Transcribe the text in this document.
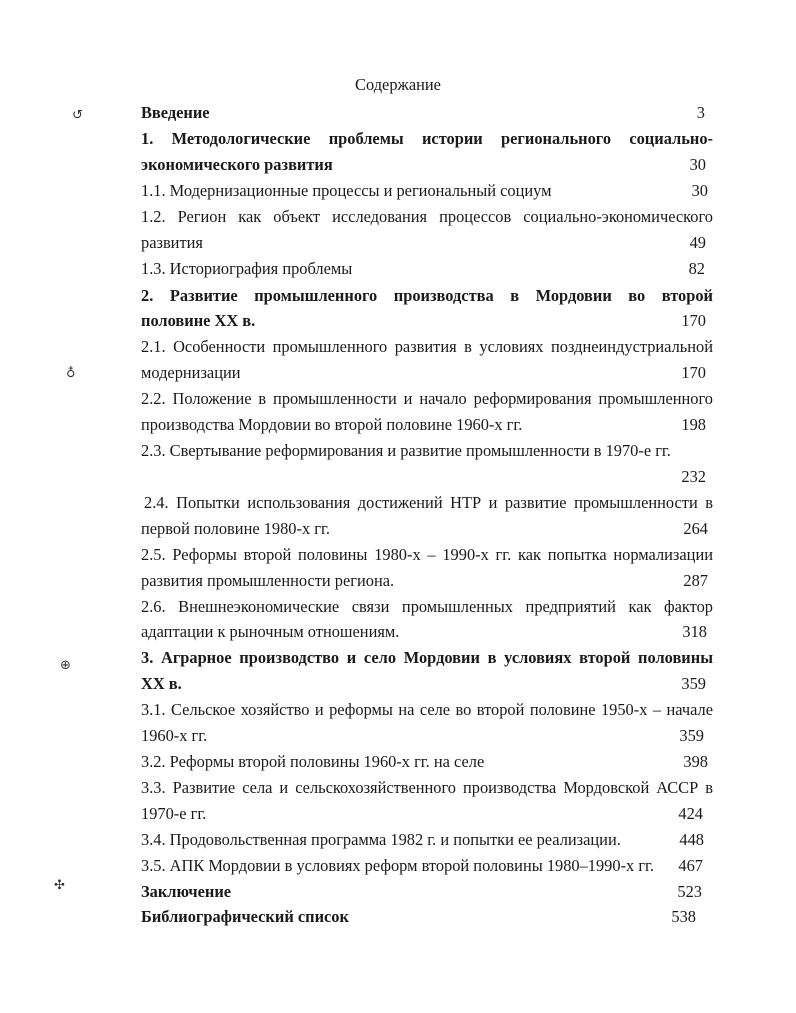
Содержание
↺
♁
⊕
✣
Введение	3
1. Методологические проблемы истории регионального социально-
экономического развития	30
1.1. Модернизационные процессы и региональный социум	30
1.2. Регион как объект исследования процессов социально-экономического
развития	49
1.3. Историография проблемы	82
2. Развитие промышленного производства в Мордовии во второй
половине XX в.	170
2.1. Особенности промышленного развития в условиях позднеиндустриальной
модернизации	170
2.2. Положение в промышленности и начало реформирования промышленного
производства Мордовии во второй половине 1960-х гг.	198
2.3. Свертывание реформирования и развитие промышленности в 1970-е гг.
232
2.4. Попытки использования достижений НТР и развитие промышленности в
первой половине 1980-х гг.	264
2.5. Реформы второй половины 1980-х – 1990-х гг. как попытка нормализации
развития промышленности региона.	287
2.6. Внешнеэкономические связи промышленных предприятий как фактор
адаптации к рыночным отношениям.	318
3. Аграрное производство и село Мордовии в условиях второй половины
XX в.	359
3.1. Сельское хозяйство и реформы на селе во второй половине 1950-х – начале
1960-х гг.	359
3.2. Реформы второй половины 1960-х гг. на селе	398
3.3. Развитие села и сельскохозяйственного производства Мордовской АССР в
1970-е гг.	424
3.4. Продовольственная программа 1982 г. и попытки ее реализации.	448
3.5. АПК Мордовии в условиях реформ второй половины 1980–1990-х гг.	467
Заключение	523
Библиографический список	538
